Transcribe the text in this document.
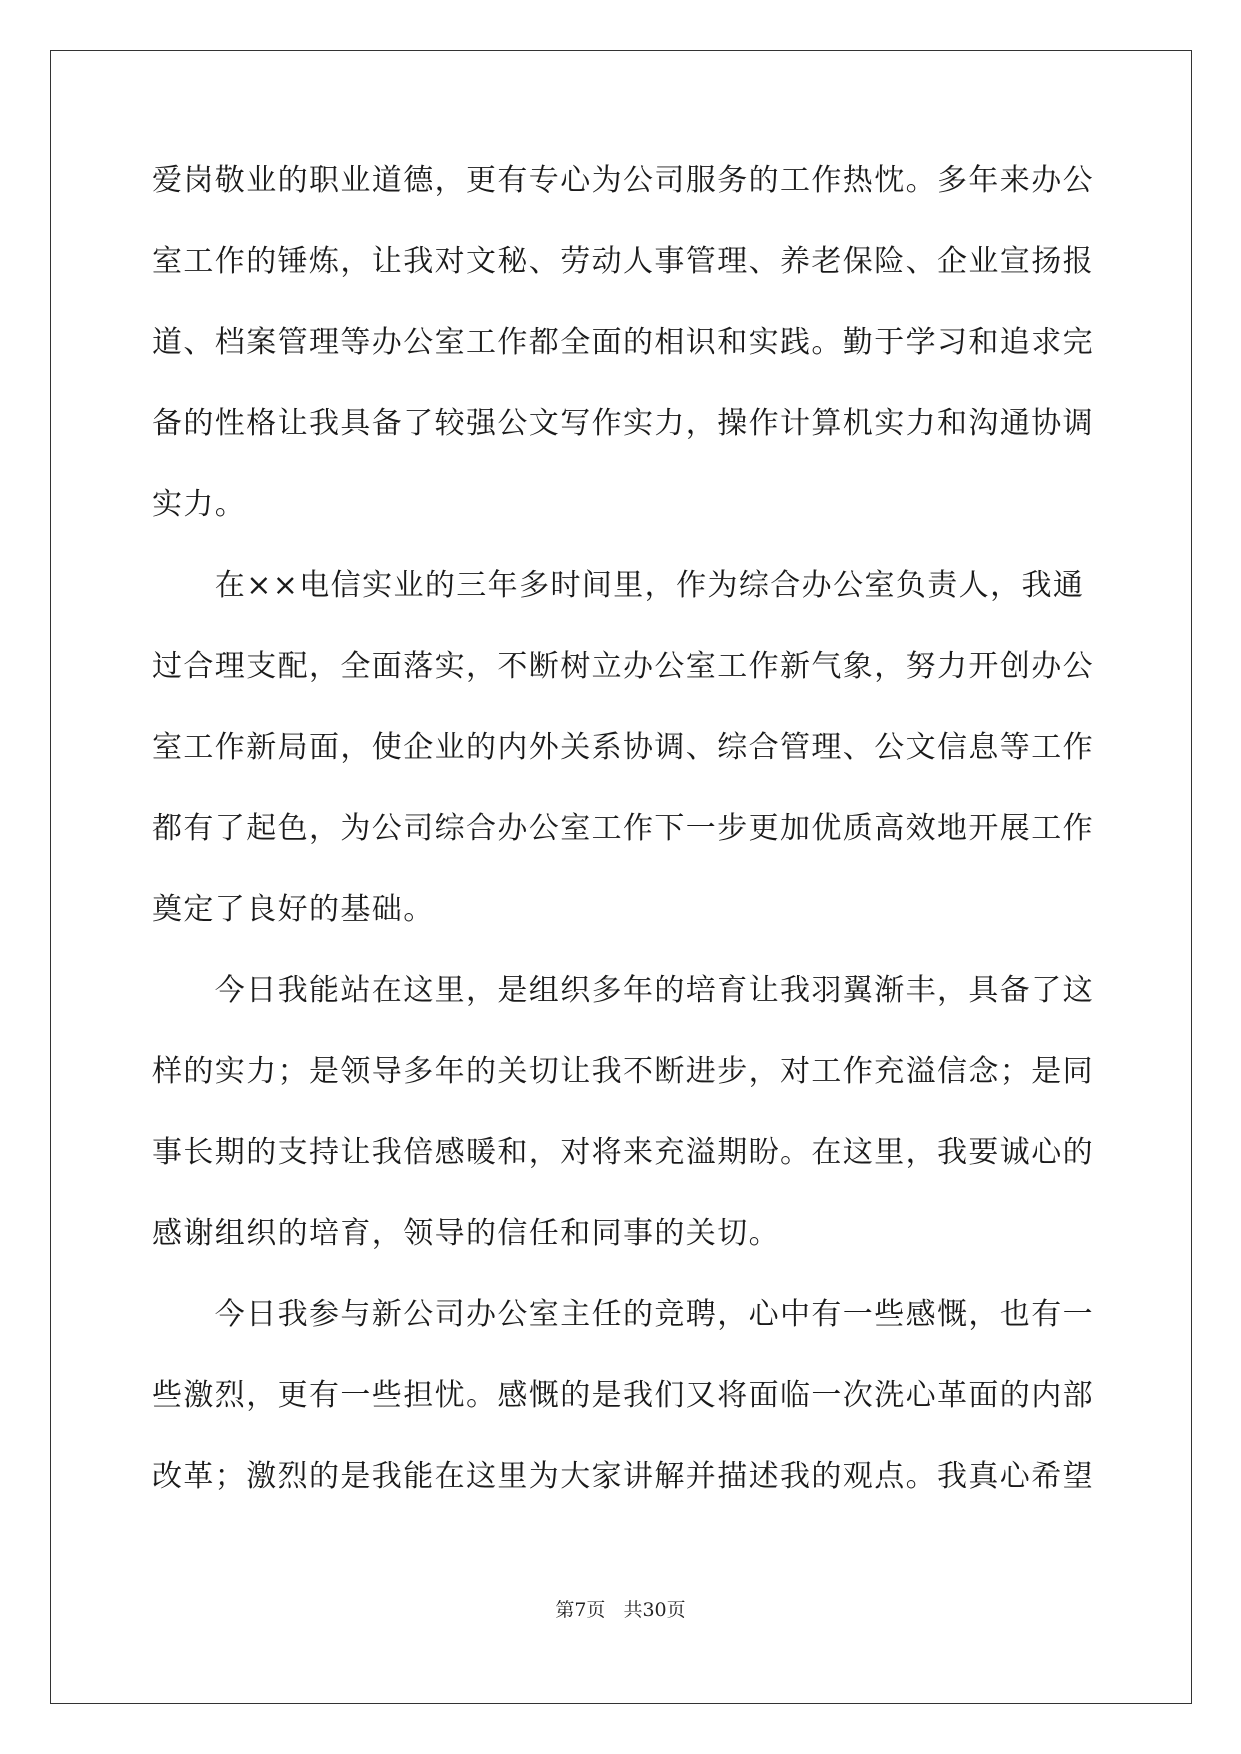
爱岗敬业的职业道德，更有专心为公司服务的工作热忱。多年来办公
室工作的锤炼，让我对文秘、劳动人事管理、养老保险、企业宣扬报
道、档案管理等办公室工作都全面的相识和实践。勤于学习和追求完
备的性格让我具备了较强公文写作实力，操作计算机实力和沟通协调
实力。
　　在××电信实业的三年多时间里，作为综合办公室负责人，我通
过合理支配，全面落实，不断树立办公室工作新气象，努力开创办公
室工作新局面，使企业的内外关系协调、综合管理、公文信息等工作
都有了起色，为公司综合办公室工作下一步更加优质高效地开展工作
奠定了良好的基础。
　　今日我能站在这里，是组织多年的培育让我羽翼渐丰，具备了这
样的实力；是领导多年的关切让我不断进步，对工作充溢信念；是同
事长期的支持让我倍感暖和，对将来充溢期盼。在这里，我要诚心的
感谢组织的培育，领导的信任和同事的关切。
　　今日我参与新公司办公室主任的竞聘，心中有一些感慨，也有一
些激烈，更有一些担忧。感慨的是我们又将面临一次洗心革面的内部
改革；激烈的是我能在这里为大家讲解并描述我的观点。我真心希望
第7页 共30页
